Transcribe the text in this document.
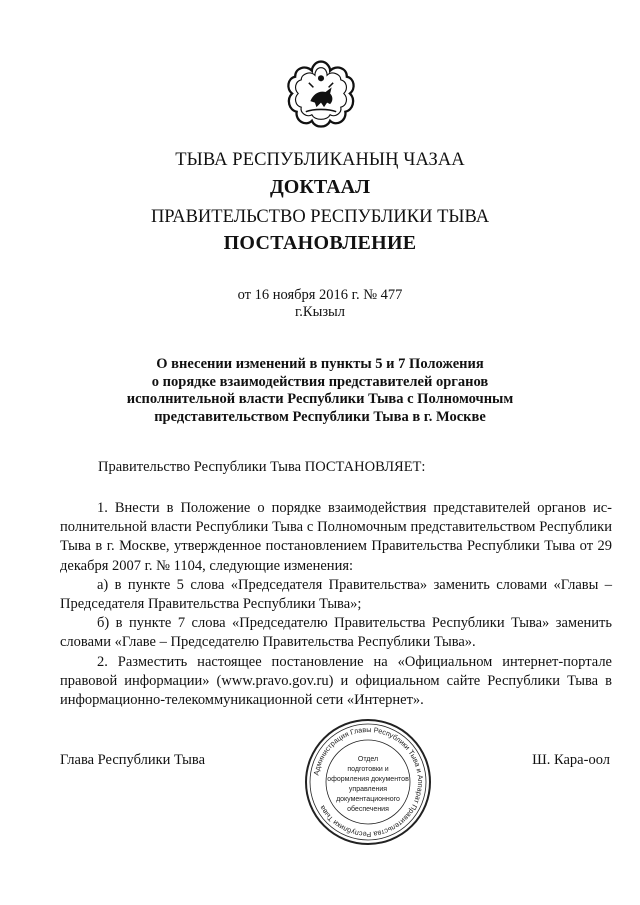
ТЫВА РЕСПУБЛИКАНЫҢ ЧАЗАА
ДОКТААЛ
ПРАВИТЕЛЬСТВО РЕСПУБЛИКИ ТЫВА
ПОСТАНОВЛЕНИЕ
от 16 ноября 2016 г. № 477
г.Кызыл
О внесении изменений в пункты 5 и 7 Положения
о порядке взаимодействия представителей органов
исполнительной власти Республики Тыва с Полномочным
представительством Республики Тыва в г. Москве

Правительство Республики Тыва ПОСТАНОВЛЯЕТ:

1. Внести в Положение о порядке взаимодействия представителей органов исполнительной власти Республики Тыва с Полномочным представительством Республики Тыва в г. Москве, утвержденное постановлением Правительства Республики Тыва от 29 декабря 2007 г. № 1104, следующие изменения:

а) в пункте 5 слова «Председателя Правительства» заменить словами «Главы – Председателя Правительства Республики Тыва»;

б) в пункте 7 слова «Председателю Правительства Республики Тыва» заменить словами «Главе – Председателю Правительства Республики Тыва».

2. Разместить настоящее постановление на «Официальном интернет-портале правовой информации» (www.pravo.gov.ru) и официальном сайте Республики Тыва в информационно-телекоммуникационной сети «Интернет».

Глава Республики Тыва	Ш. Кара-оол
Администрация Главы Республики Тыва и Аппарат Правительства Республики Тыва
Отдел
подготовки и
оформления документов
управления
документационного
обеспечения
